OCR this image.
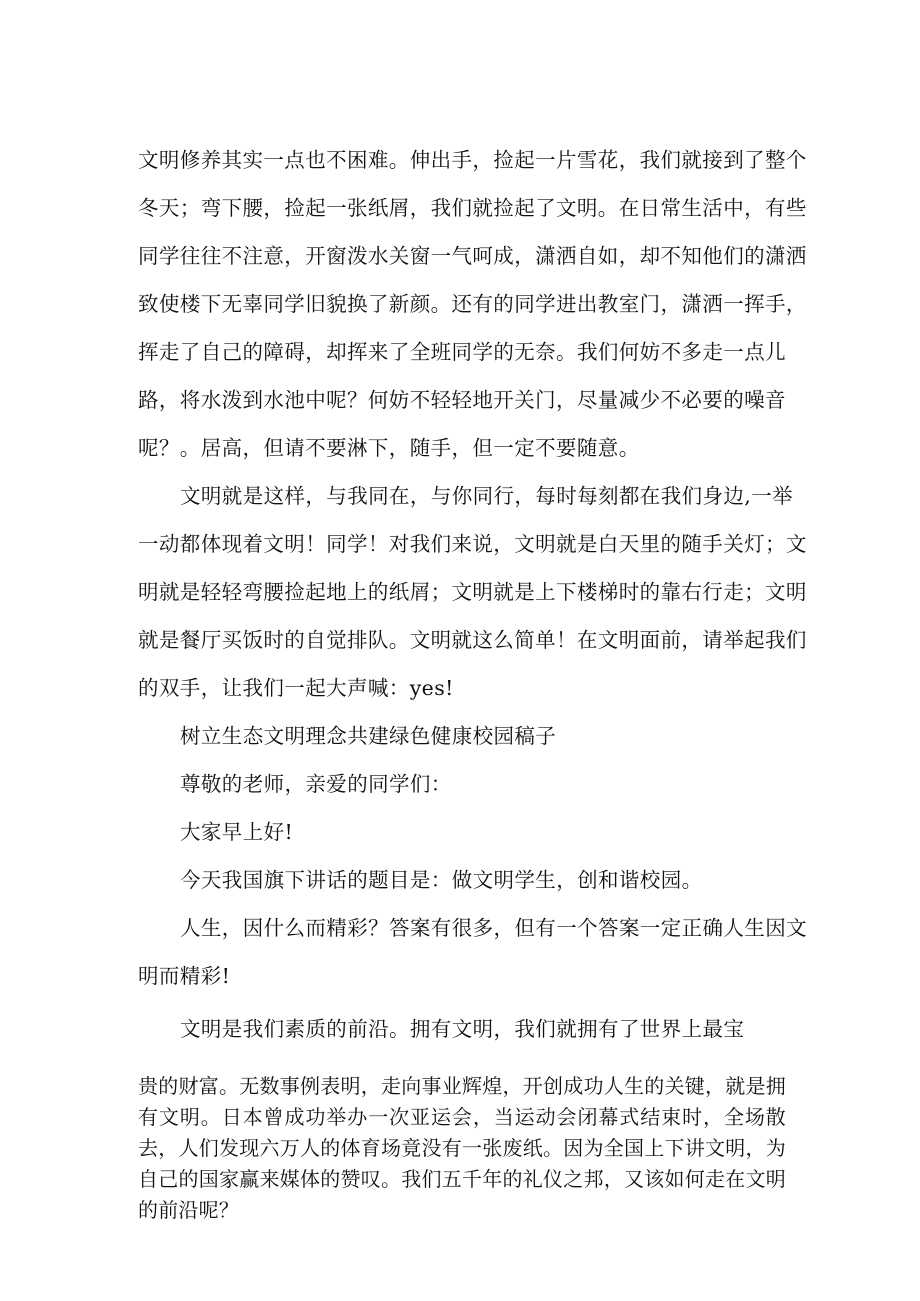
文明修养其实一点也不困难。伸出手，捡起一片雪花，我们就接到了整个
冬天；弯下腰，捡起一张纸屑，我们就捡起了文明。在日常生活中，有些
同学往往不注意，开窗泼水关窗一气呵成，潇洒自如，却不知他们的潇洒
致使楼下无辜同学旧貌换了新颜。还有的同学进出教室门，潇洒一挥手，
挥走了自己的障碍，却挥来了全班同学的无奈。我们何妨不多走一点儿
路，将水泼到水池中呢？何妨不轻轻地开关门，尽量减少不必要的噪音
呢？。居高，但请不要淋下，随手，但一定不要随意。
文明就是这样，与我同在，与你同行，每时每刻都在我们身边,一举
一动都体现着文明！同学！对我们来说，文明就是白天里的随手关灯；文
明就是轻轻弯腰捡起地上的纸屑；文明就是上下楼梯时的靠右行走；文明
就是餐厅买饭时的自觉排队。文明就这么简单！在文明面前，请举起我们
的双手，让我们一起大声喊：yes!
树立生态文明理念共建绿色健康校园稿子
尊敬的老师，亲爱的同学们：
大家早上好!
今天我国旗下讲话的题目是：做文明学生，创和谐校园。
人生，因什么而精彩？答案有很多，但有一个答案一定正确人生因文
明而精彩!
文明是我们素质的前沿。拥有文明，我们就拥有了世界上最宝
贵的财富。无数事例表明，走向事业辉煌，开创成功人生的关键，就是拥
有文明。日本曾成功举办一次亚运会，当运动会闭幕式结束时，全场散
去，人们发现六万人的体育场竟没有一张废纸。因为全国上下讲文明，为
自己的国家赢来媒体的赞叹。我们五千年的礼仪之邦，又该如何走在文明
的前沿呢？
